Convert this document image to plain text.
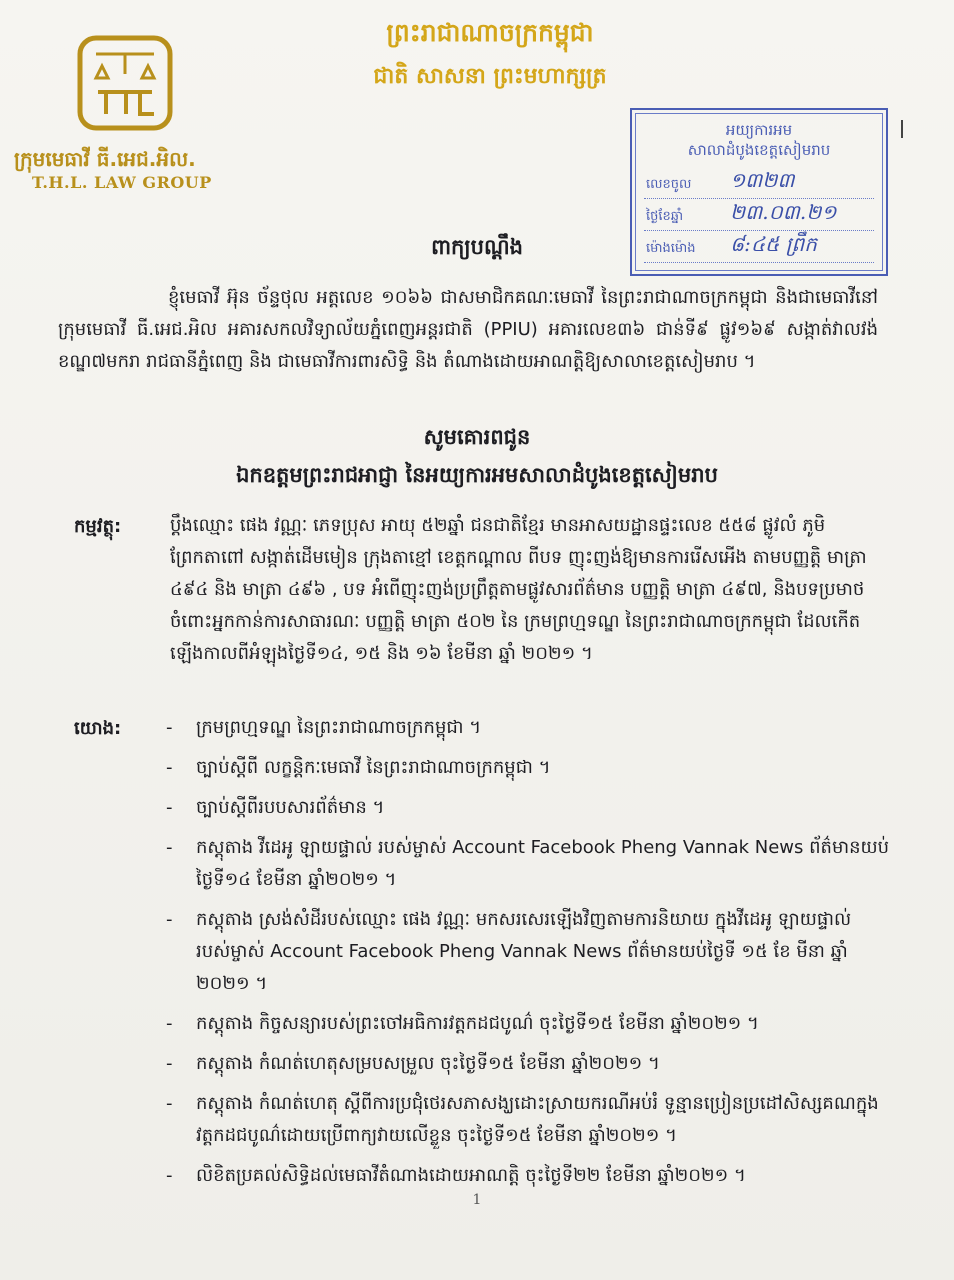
ក្រុមមេធាវី ធី.អេជ.អិល.
T.H.L. LAW GROUP
ព្រះរាជាណាចក្រកម្ពុជា
ជាតិ សាសនា ព្រះមហាក្សត្រ
អយ្យការអម
សាលាដំបូងខេត្តសៀមរាប
លេខចូល ១៣២៣
ថ្ងៃខែឆ្នាំ ២៣.០៣.២១
ម៉ោងម៉ោង ៨:៤៥ ព្រឹក
ពាក្យបណ្ដឹង
ខ្ញុំមេធាវី អ៊ុន ច័ន្ទថុល អត្តលេខ ១០៦៦ ជាសមាជិកគណៈមេធាវី នៃព្រះរាជាណាចក្រកម្ពុជា និងជាមេធាវីនៅ ក្រុមមេធាវី ធី.អេជ.អិល អគារសកលវិទ្យាល័យភ្នំពេញអន្តរជាតិ (PPIU) អគារលេខ៣៦ ជាន់ទី៩ ផ្លូវ១៦៩ សង្កាត់វាលវង់ ខណ្ឌ៧មករា រាជធានីភ្នំពេញ និង ជាមេធាវីការពារសិទ្ធិ និង តំណាងដោយអាណត្តិឱ្យសាលាខេត្តសៀមរាប ។
សូមគោរពជូន
ឯកឧត្តមព្រះរាជអាជ្ញា នៃអយ្យការអមសាលាដំបូងខេត្តសៀមរាប
កម្មវត្ថុ:	ប្ដឹងឈ្មោះ ផេង វណ្ណៈ ភេទប្រុស អាយុ ៥២ឆ្នាំ ជនជាតិខ្មែរ មានអាសយដ្ឋានផ្ទះលេខ ៥៥៨ ផ្លូវលំ ភូមិព្រែកតាពៅ សង្កាត់ដើមមៀន ក្រុងតាខ្មៅ ខេត្តកណ្ដាល ពីបទ ញុះញង់ឱ្យមានការរើសអើង តាមបញ្ញត្តិ មាត្រា ៤៩៤ និង មាត្រា ៤៩៦ , បទ អំពើញុះញង់ប្រព្រឹត្តតាមផ្លូវសារព័ត៌មាន បញ្ញត្តិ មាត្រា ៤៩៧, និងបទប្រមាថ ចំពោះអ្នកកាន់ការសាធារណៈ បញ្ញត្តិ មាត្រា ៥០២ នៃ ក្រមព្រហ្មទណ្ឌ នៃព្រះរាជាណាចក្រកម្ពុជា ដែលកើតឡើងកាលពីអំឡុងថ្ងៃទី១៤, ១៥ និង ១៦ ខែមីនា ឆ្នាំ ២០២១ ។
យោង:
-	ក្រមព្រហ្មទណ្ឌ នៃព្រះរាជាណាចក្រកម្ពុជា ។
- ច្បាប់ស្ដីពី លក្ខន្តិកៈមេធាវី នៃព្រះរាជាណាចក្រកម្ពុជា ។
- ច្បាប់ស្ដីពីរបបសារព័ត៌មាន ។
- កស្តុតាង វីដេអូ ឡាយផ្ទាល់ របស់ម្ចាស់ Account Facebook Pheng Vannak News ព័ត៌មានយប់ ថ្ងៃទី១៤ ខែមីនា ឆ្នាំ២០២១ ។
- កស្តុតាង ស្រង់សំដីរបស់ឈ្មោះ ផេង វណ្ណៈ មកសរសេរឡើងវិញតាមការនិយាយ ក្នុងវីដេអូ ឡាយផ្ទាល់ របស់ម្ចាស់ Account Facebook Pheng Vannak News ព័ត៌មានយប់ថ្ងៃទី ១៥ ខែ មីនា ឆ្នាំ ២០២១ ។
- កស្តុតាង កិច្ចសន្យារបស់ព្រះចៅអធិការវត្តកដជបូណ៌ ចុះថ្ងៃទី១៥ ខែមីនា ឆ្នាំ២០២១ ។
- កស្តុតាង កំណត់ហេតុសម្របសម្រួល ចុះថ្ងៃទី១៥ ខែមីនា ឆ្នាំ២០២១ ។
- កស្តុតាង កំណត់ហេតុ ស្ដីពីការប្រជុំថេរសភាសង្ឃដោះស្រាយករណីអប់រំ ទូន្មានប្រៀនប្រដៅសិស្សគណក្នុងវត្តកដជបូណ៌ដោយប្រើពាក្យវាយលើខ្លួន ចុះថ្ងៃទី១៥ ខែមីនា ឆ្នាំ២០២១ ។
- លិខិតប្រគល់សិទ្ធិដល់មេធាវីតំណាងដោយអាណត្តិ ចុះថ្ងៃទី២២ ខែមីនា ឆ្នាំ២០២១ ។
1
